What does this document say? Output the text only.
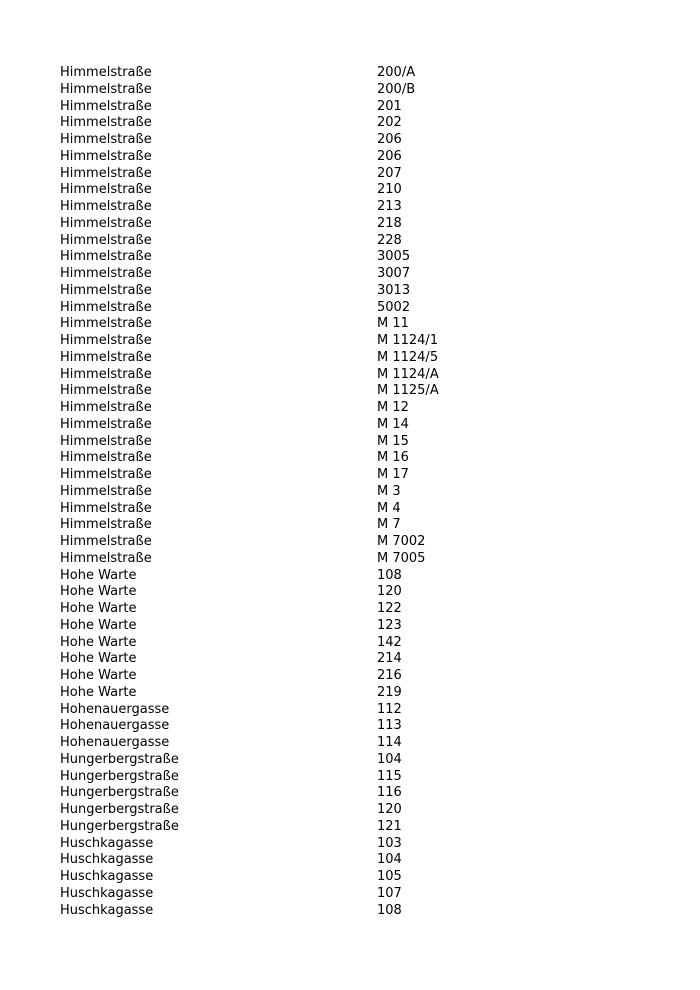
Himmelstraße	200/A
Himmelstraße	200/B
Himmelstraße	201
Himmelstraße	202
Himmelstraße	206
Himmelstraße	206
Himmelstraße	207
Himmelstraße	210
Himmelstraße	213
Himmelstraße	218
Himmelstraße	228
Himmelstraße	3005
Himmelstraße	3007
Himmelstraße	3013
Himmelstraße	5002
Himmelstraße	M 11
Himmelstraße	M 1124/1
Himmelstraße	M 1124/5
Himmelstraße	M 1124/A
Himmelstraße	M 1125/A
Himmelstraße	M 12
Himmelstraße	M 14
Himmelstraße	M 15
Himmelstraße	M 16
Himmelstraße	M 17
Himmelstraße	M 3
Himmelstraße	M 4
Himmelstraße	M 7
Himmelstraße	M 7002
Himmelstraße	M 7005
Hohe Warte	108
Hohe Warte	120
Hohe Warte	122
Hohe Warte	123
Hohe Warte	142
Hohe Warte	214
Hohe Warte	216
Hohe Warte	219
Hohenauergasse	112
Hohenauergasse	113
Hohenauergasse	114
Hungerbergstraße	104
Hungerbergstraße	115
Hungerbergstraße	116
Hungerbergstraße	120
Hungerbergstraße	121
Huschkagasse	103
Huschkagasse	104
Huschkagasse	105
Huschkagasse	107
Huschkagasse	108
